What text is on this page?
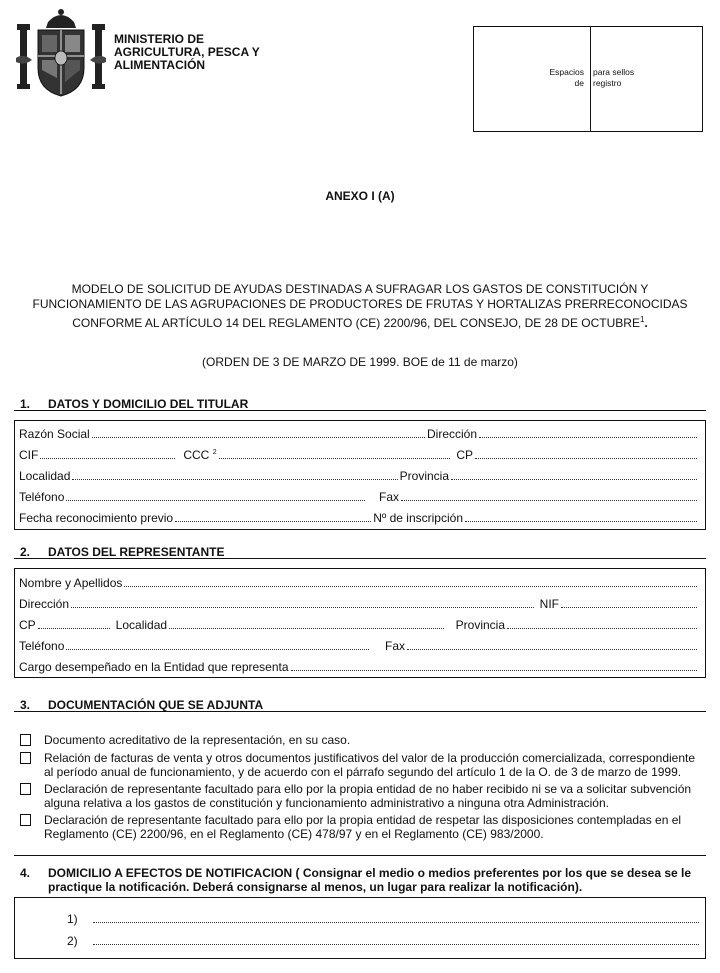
MINISTERIO DE
AGRICULTURA, PESCA Y
ALIMENTACIÓN	Espacios
de
para sellos
registro
ANEXO I (A)
MODELO DE SOLICITUD DE AYUDAS DESTINADAS A SUFRAGAR LOS GASTOS DE CONSTITUCIÓN Y
FUNCIONAMIENTO DE LAS AGRUPACIONES DE PRODUCTORES DE FRUTAS Y HORTALIZAS PRERRECONOCIDAS
CONFORME AL ARTÍCULO 14 DEL REGLAMENTO (CE) 2200/96, DEL CONSEJO, DE 28 DE OCTUBRE$^1$.
(ORDEN DE 3 DE MARZO DE 1999. BOE de 11 de marzo)
1. DATOS Y DOMICILIO DEL TITULAR
Razón Social	Dirección
CIF	CCC $^2$	CP
Localidad	Provincia
Teléfono	Fax
Fecha reconocimiento previo	Nº de inscripción
2. DATOS DEL REPRESENTANTE
Nombre y Apellidos
Dirección	NIF
CP	Localidad	Provincia
Teléfono	Fax
Cargo desempeñado en la Entidad que representa
3. DOCUMENTACIÓN QUE SE ADJUNTA
Documento acreditativo de la representación, en su caso.
Relación de facturas de venta y otros documentos justificativos del valor de la producción comercializada, correspondiente
al período anual de funcionamiento, y de acuerdo con el párrafo segundo del artículo 1 de la O. de 3 de marzo de 1999.
Declaración de representante facultado para ello por la propia entidad de no haber recibido ni se va a solicitar subvención
alguna relativa a los gastos de constitución y funcionamiento administrativo a ninguna otra Administración.
Declaración de representante facultado para ello por la propia entidad de respetar las disposiciones contempladas en el
Reglamento (CE) 2200/96, en el Reglamento (CE) 478/97 y en el Reglamento (CE) 983/2000.
4. DOMICILIO A EFECTOS DE NOTIFICACION ( Consignar el medio o medios preferentes por los que se desea se le
practique la notificación. Deberá consignarse al menos, un lugar para realizar la notificación).
1)
2)
